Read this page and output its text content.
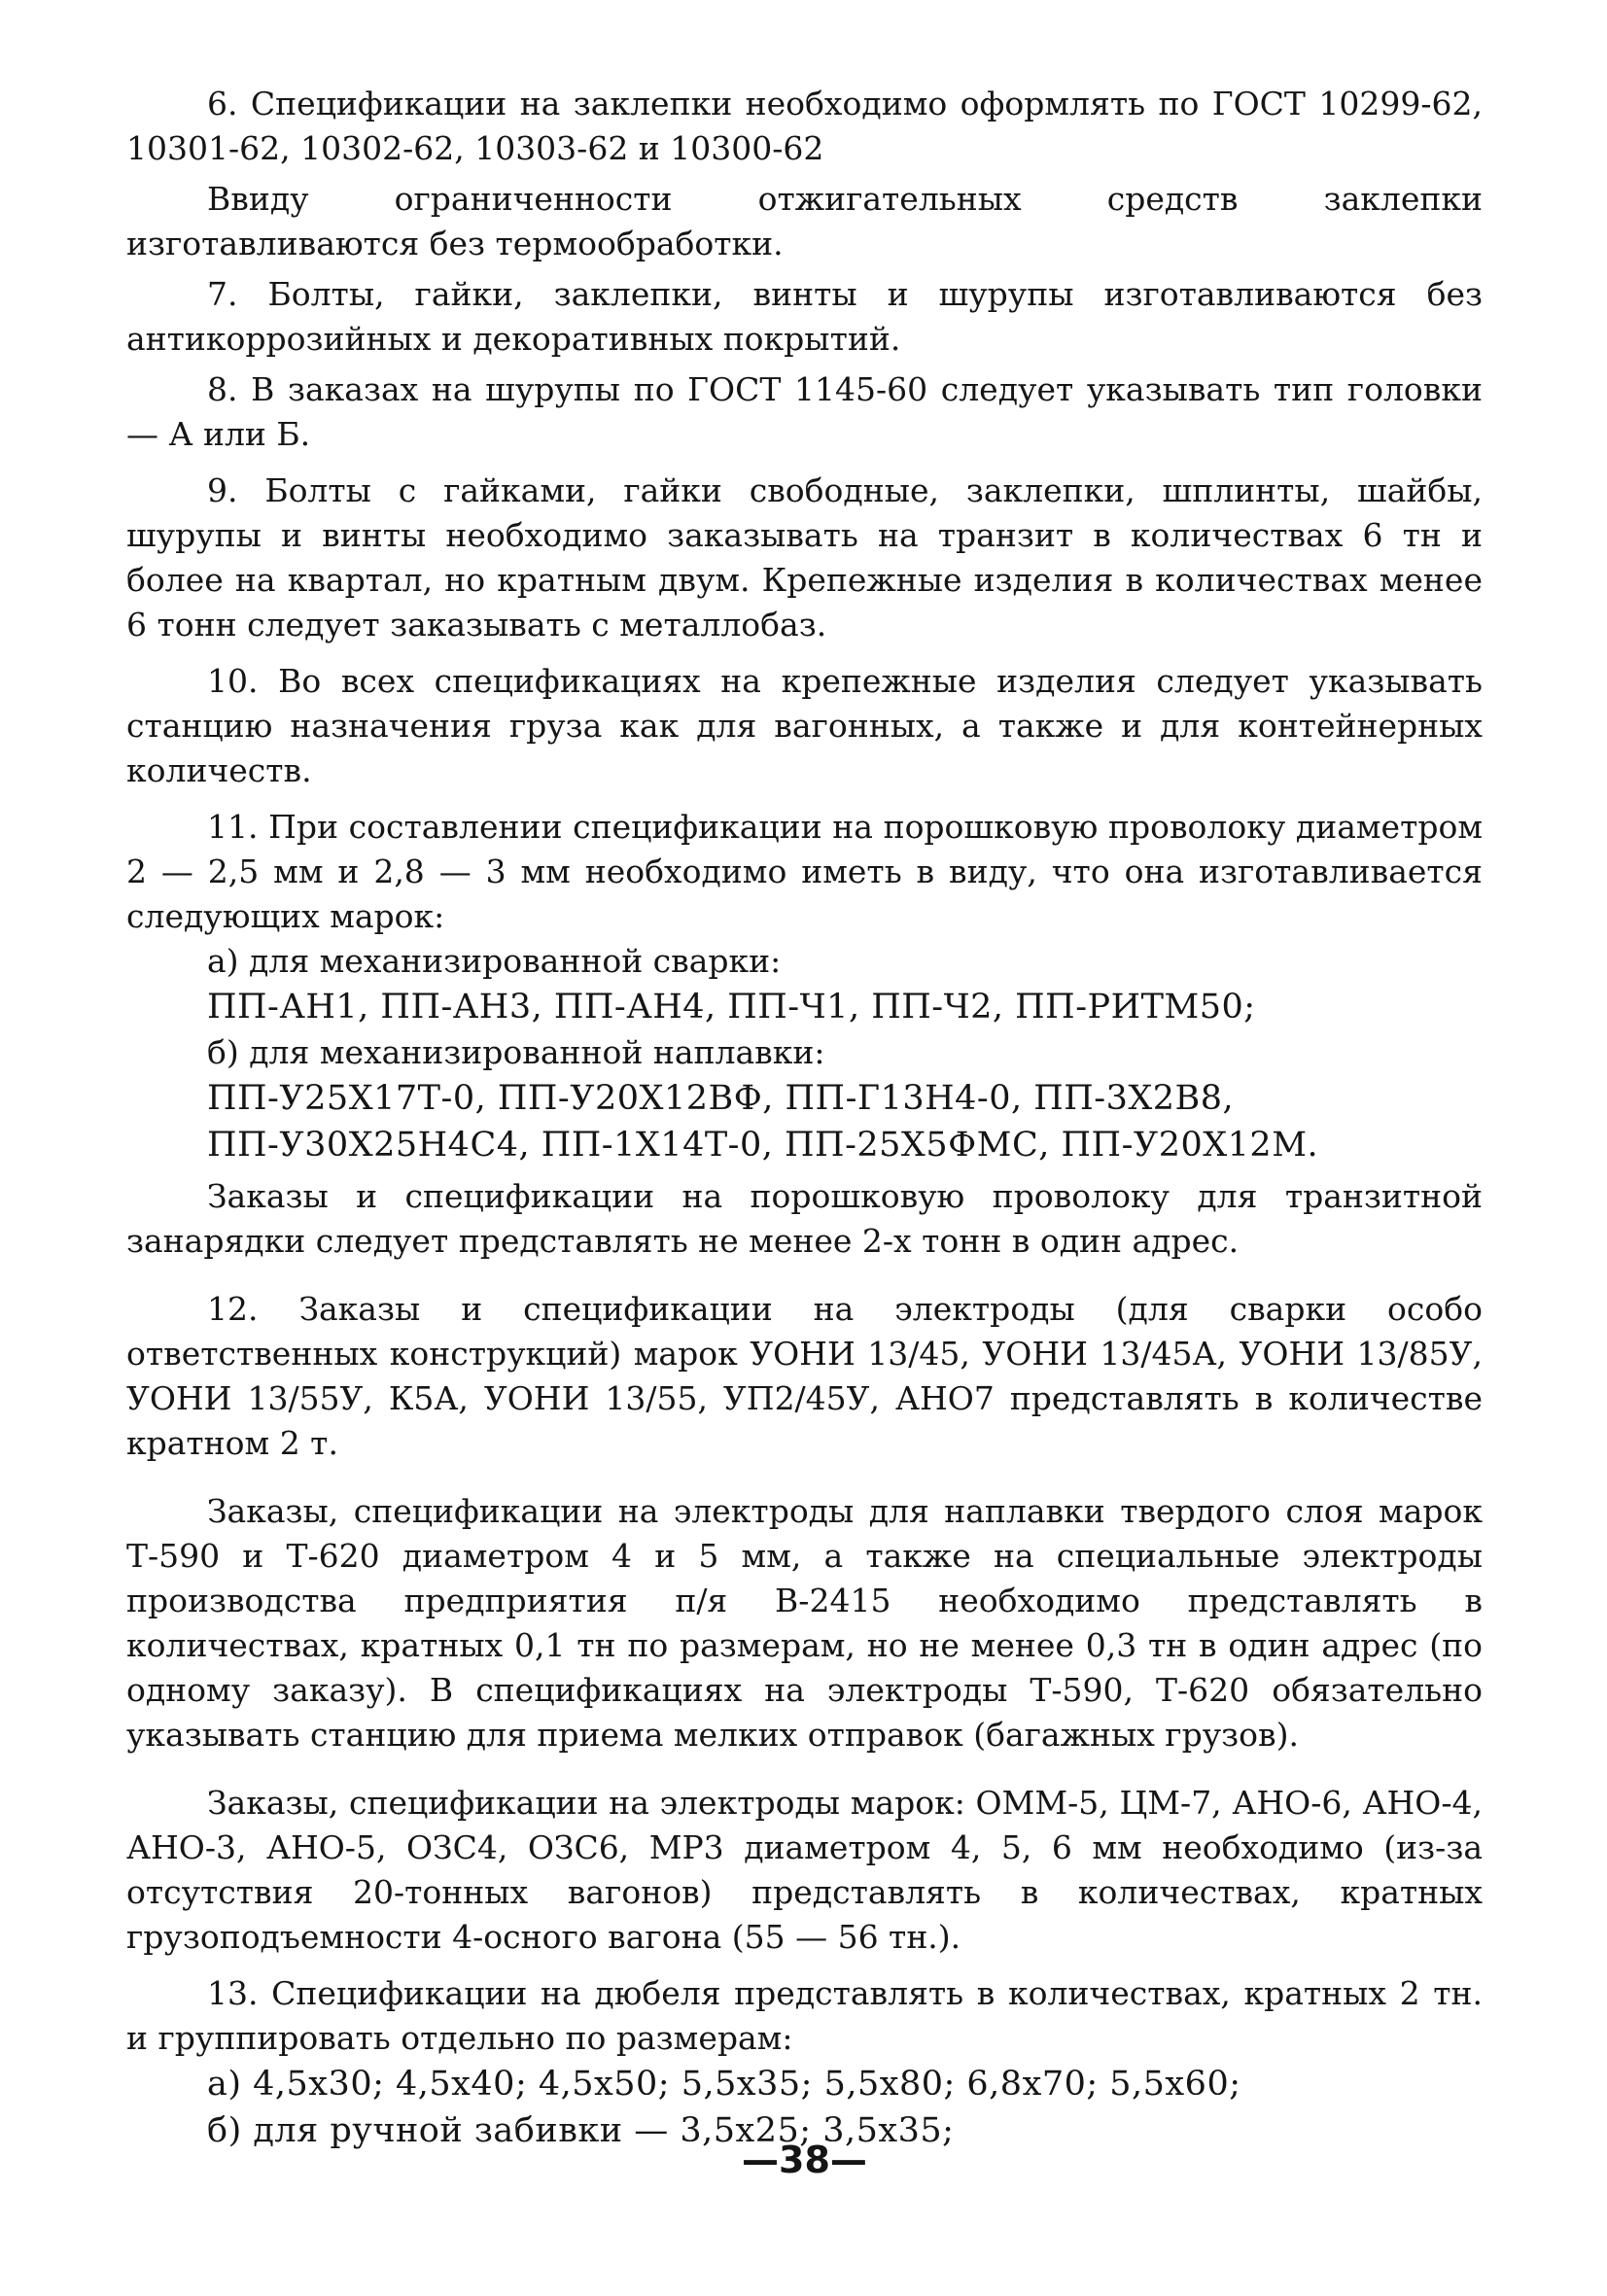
6. Спецификации на заклепки необходимо оформлять по ГОСТ 10299-62, 10301-62, 10302-62, 10303-62 и 10300-62

Ввиду ограниченности отжигательных средств заклепки изготавливаются без термообработки.

7. Болты, гайки, заклепки, винты и шурупы изготавливаются без антикоррозийных и декоративных покрытий.

8. В заказах на шурупы по ГОСТ 1145-60 следует указывать тип головки — А или Б.

9. Болты с гайками, гайки свободные, заклепки, шплинты, шайбы, шурупы и винты необходимо заказывать на транзит в количествах 6 тн и более на квартал, но кратным двум. Крепежные изделия в количествах менее 6 тонн следует заказывать с металлобаз.

10. Во всех спецификациях на крепежные изделия следует указывать станцию назначения груза как для вагонных, а также и для контейнерных количеств.

11. При составлении спецификации на порошковую проволоку диаметром 2 — 2,5 мм и 2,8 — 3 мм необходимо иметь в виду, что она изготавливается следующих марок:

а) для механизированной сварки:

ПП-АН1, ПП-АН3, ПП-АН4, ПП-Ч1, ПП-Ч2, ПП-РИТМ50;

б) для механизированной наплавки:

ПП-У25Х17Т-0, ПП-У20Х12ВФ, ПП-Г13Н4-0, ПП-3Х2В8,

ПП-У30Х25Н4С4, ПП-1Х14Т-0, ПП-25Х5ФМС, ПП-У20Х12М.

Заказы и спецификации на порошковую проволоку для транзитной занарядки следует представлять не менее 2-х тонн в один адрес.

12. Заказы и спецификации на электроды (для сварки особо ответственных конструкций) марок УОНИ 13/45, УОНИ 13/45А, УОНИ 13/85У, УОНИ 13/55У, К5А, УОНИ 13/55, УП2/45У, АНО7 представлять в количестве кратном 2 т.

Заказы, спецификации на электроды для наплавки твердого слоя марок Т-590 и Т-620 диаметром 4 и 5 мм, а также на специальные электроды производства предприятия п/я В-2415 необходимо представлять в количествах, кратных 0,1 тн по размерам, но не менее 0,3 тн в один адрес (по одному заказу). В спецификациях на электроды Т-590, Т-620 обязательно указывать станцию для приема мелких отправок (багажных грузов).

Заказы, спецификации на электроды марок: ОММ-5, ЦМ-7, АНО-6, АНО-4, АНО-3, АНО-5, ОЗС4, ОЗС6, МР3 диаметром 4, 5, 6 мм необходимо (из-за отсутствия 20-тонных вагонов) представлять в количествах, кратных грузоподъемности 4-осного вагона (55 — 56 тн.).

13. Спецификации на дюбеля представлять в количествах, кратных 2 тн. и группировать отдельно по размерам:

а) 4,5х30; 4,5х40; 4,5х50; 5,5х35; 5,5х80; 6,8х70; 5,5х60;

б) для ручной забивки — 3,5х25; 3,5х35;

—38—
